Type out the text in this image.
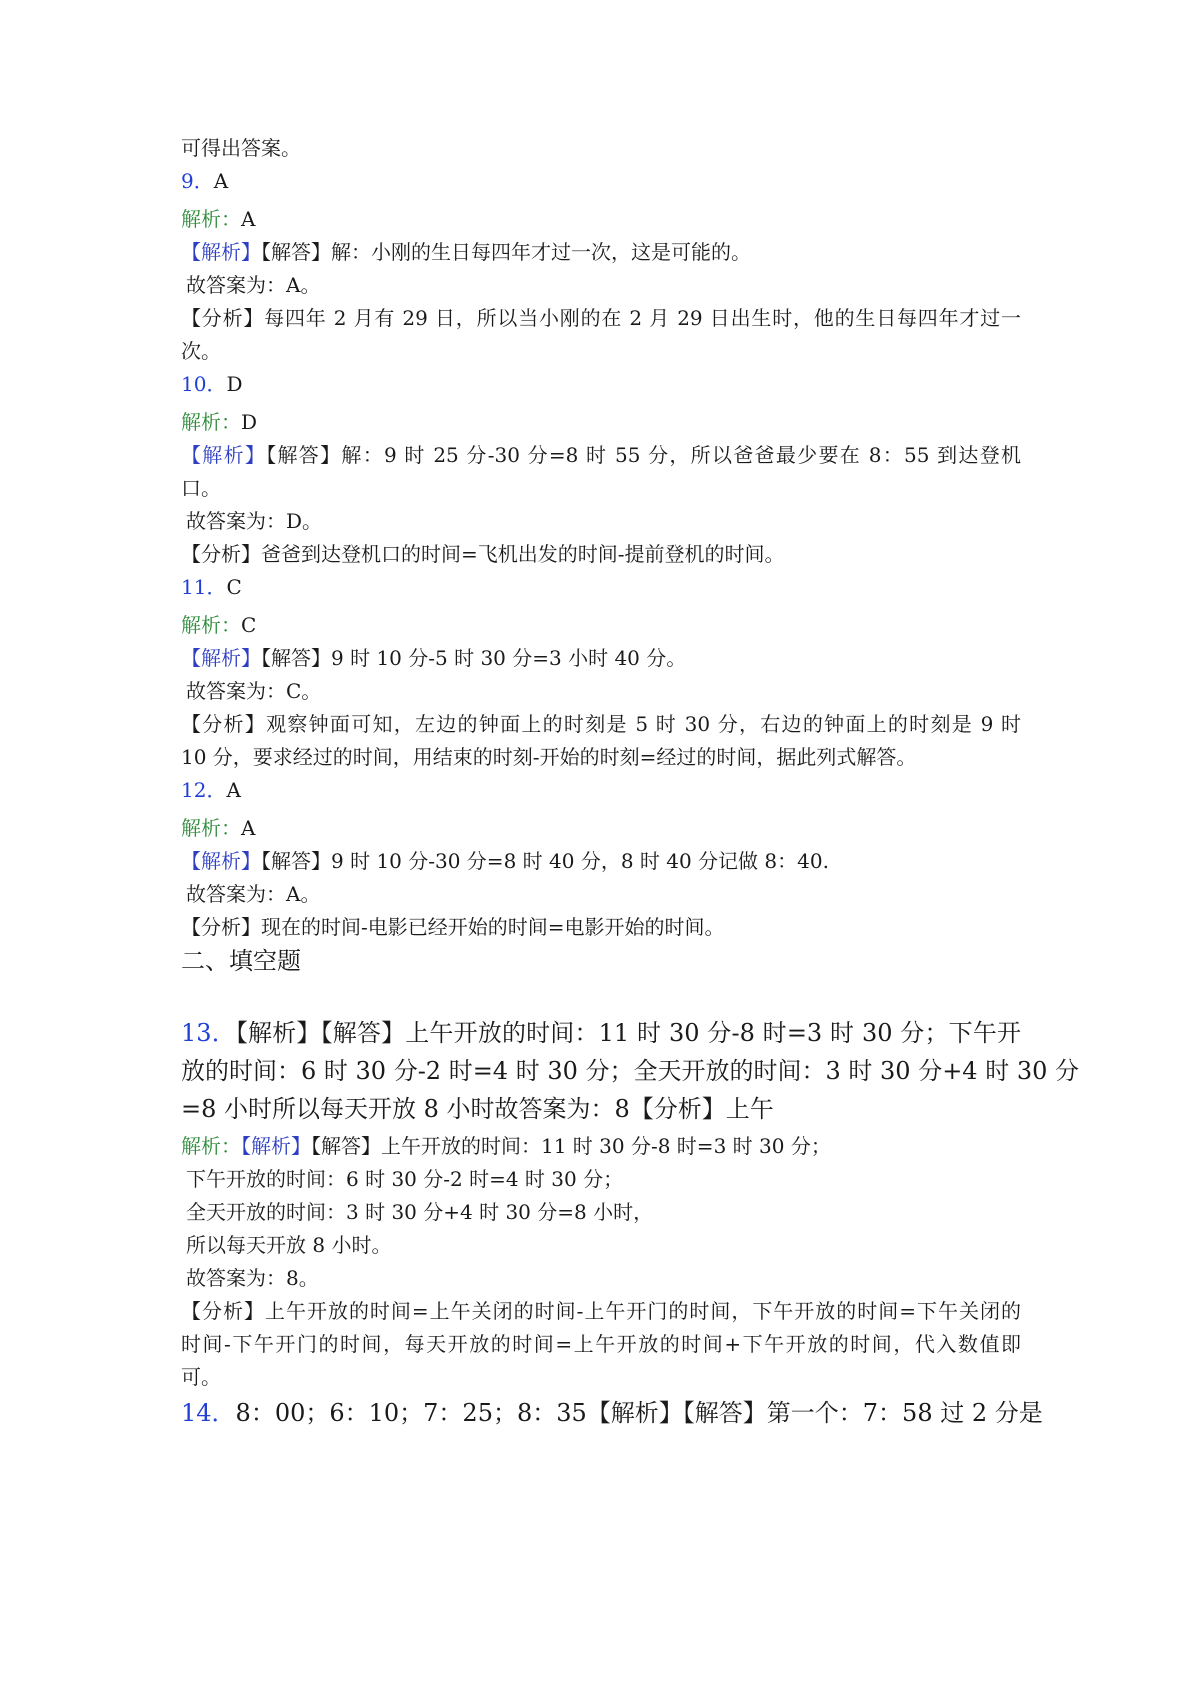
可得出答案。
9．A
解析：A
【解析】【解答】解：小刚的生日每四年才过一次，这是可能的。
故答案为：A。
【分析】每四年 2 月有 29 日，所以当小刚的在 2 月 29 日出生时，他的生日每四年才过一
次。
10．D
解析：D
【解析】【解答】解：9 时 25 分-30 分=8 时 55 分，所以爸爸最少要在 8：55 到达登机
口。
故答案为：D。
【分析】爸爸到达登机口的时间=飞机出发的时间-提前登机的时间。
11．C
解析：C
【解析】【解答】9 时 10 分-5 时 30 分=3 小时 40 分。
故答案为：C。
【分析】观察钟面可知，左边的钟面上的时刻是 5 时 30 分，右边的钟面上的时刻是 9 时
10 分，要求经过的时间，用结束的时刻-开始的时刻=经过的时间，据此列式解答。
12．A
解析：A
【解析】【解答】9 时 10 分-30 分=8 时 40 分，8 时 40 分记做 8：40.
故答案为：A。
【分析】现在的时间-电影已经开始的时间=电影开始的时间。
二、填空题
13．【解析】【解答】上午开放的时间：11 时 30 分-8 时=3 时 30 分；下午开
放的时间：6 时 30 分-2 时=4 时 30 分；全天开放的时间：3 时 30 分+4 时 30 分
=8 小时所以每天开放 8 小时故答案为：8【分析】上午
解析：【解析】【解答】上午开放的时间：11 时 30 分-8 时=3 时 30 分；
下午开放的时间：6 时 30 分-2 时=4 时 30 分；
全天开放的时间：3 时 30 分+4 时 30 分=8 小时，
所以每天开放 8 小时。
故答案为：8。
【分析】上午开放的时间=上午关闭的时间-上午开门的时间，下午开放的时间=下午关闭的
时间-下午开门的时间，每天开放的时间=上午开放的时间+下午开放的时间，代入数值即
可。
14．8：00；6：10；7：25；8：35【解析】【解答】第一个：7：58 过 2 分是
